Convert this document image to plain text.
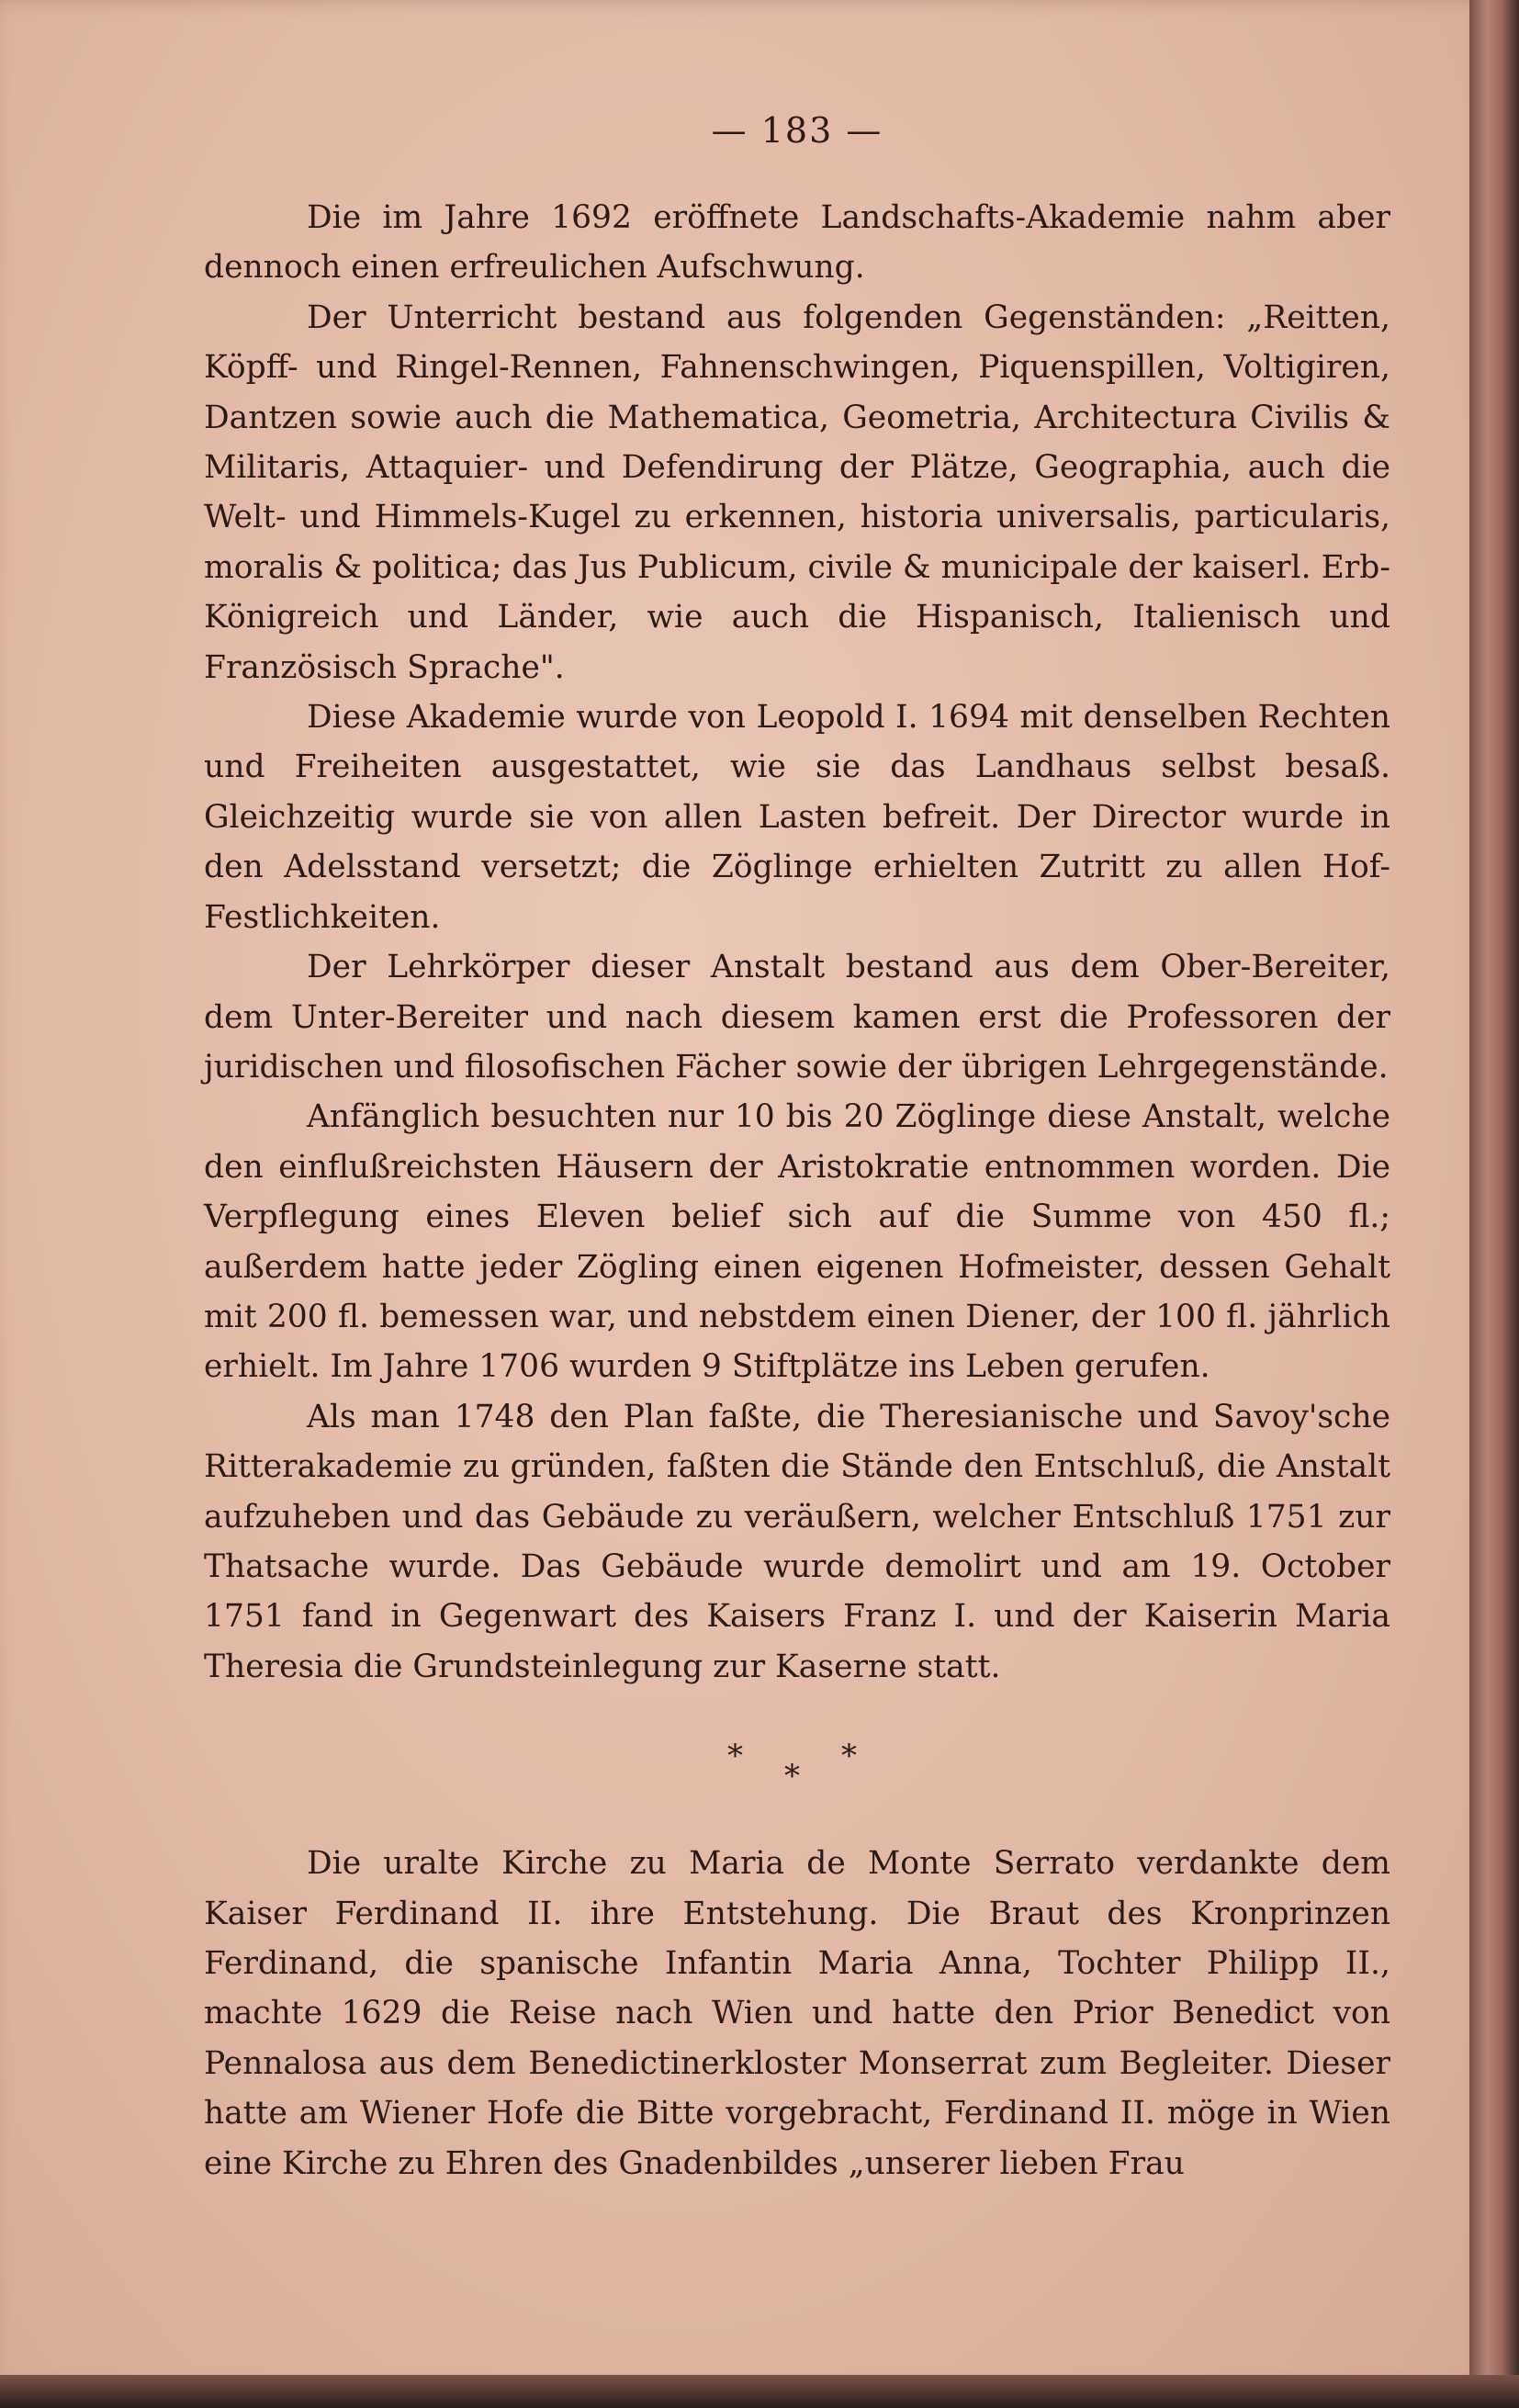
— 183 —

Die im Jahre 1692 eröffnete Landschafts-Akademie nahm aber dennoch einen erfreulichen Aufschwung.

Der Unterricht bestand aus folgenden Gegenständen: „Reitten, Köpff- und Ringel-Rennen, Fahnenschwingen, Piquenspillen, Voltigiren, Dantzen sowie auch die Mathematica, Geometria, Architectura Civilis & Militaris, Attaquier- und Defendirung der Plätze, Geographia, auch die Welt- und Himmels-Kugel zu erkennen, historia universalis, particularis, moralis & politica; das Jus Publicum, civile & municipale der kaiserl. Erb-Königreich und Länder, wie auch die Hispanisch, Italienisch und Französisch Sprache".

Diese Akademie wurde von Leopold I. 1694 mit denselben Rechten und Freiheiten ausgestattet, wie sie das Landhaus selbst besaß. Gleichzeitig wurde sie von allen Lasten befreit. Der Director wurde in den Adelsstand versetzt; die Zöglinge erhielten Zutritt zu allen Hof-Festlichkeiten.

Der Lehrkörper dieser Anstalt bestand aus dem Ober-Bereiter, dem Unter-Bereiter und nach diesem kamen erst die Professoren der juridischen und filosofischen Fächer sowie der übrigen Lehrgegenstände.

Anfänglich besuchten nur 10 bis 20 Zöglinge diese Anstalt, welche den einflußreichsten Häusern der Aristokratie entnommen worden. Die Verpflegung eines Eleven belief sich auf die Summe von 450 fl.; außerdem hatte jeder Zögling einen eigenen Hofmeister, dessen Gehalt mit 200 fl. bemessen war, und nebstdem einen Diener, der 100 fl. jährlich erhielt. Im Jahre 1706 wurden 9 Stiftplätze ins Leben gerufen.

Als man 1748 den Plan faßte, die Theresianische und Savoy'sche Ritterakademie zu gründen, faßten die Stände den Entschluß, die Anstalt aufzuheben und das Gebäude zu veräußern, welcher Entschluß 1751 zur Thatsache wurde. Das Gebäude wurde demolirt und am 19. October 1751 fand in Gegenwart des Kaisers Franz I. und der Kaiserin Maria Theresia die Grundsteinlegung zur Kaserne statt.

*
*
*

Die uralte Kirche zu Maria de Monte Serrato verdankte dem Kaiser Ferdinand II. ihre Entstehung. Die Braut des Kronprinzen Ferdinand, die spanische Infantin Maria Anna, Tochter Philipp II., machte 1629 die Reise nach Wien und hatte den Prior Benedict von Pennalosa aus dem Benedictinerkloster Monserrat zum Begleiter. Dieser hatte am Wiener Hofe die Bitte vorgebracht, Ferdinand II. möge in Wien eine Kirche zu Ehren des Gnadenbildes „unserer lieben Frau
